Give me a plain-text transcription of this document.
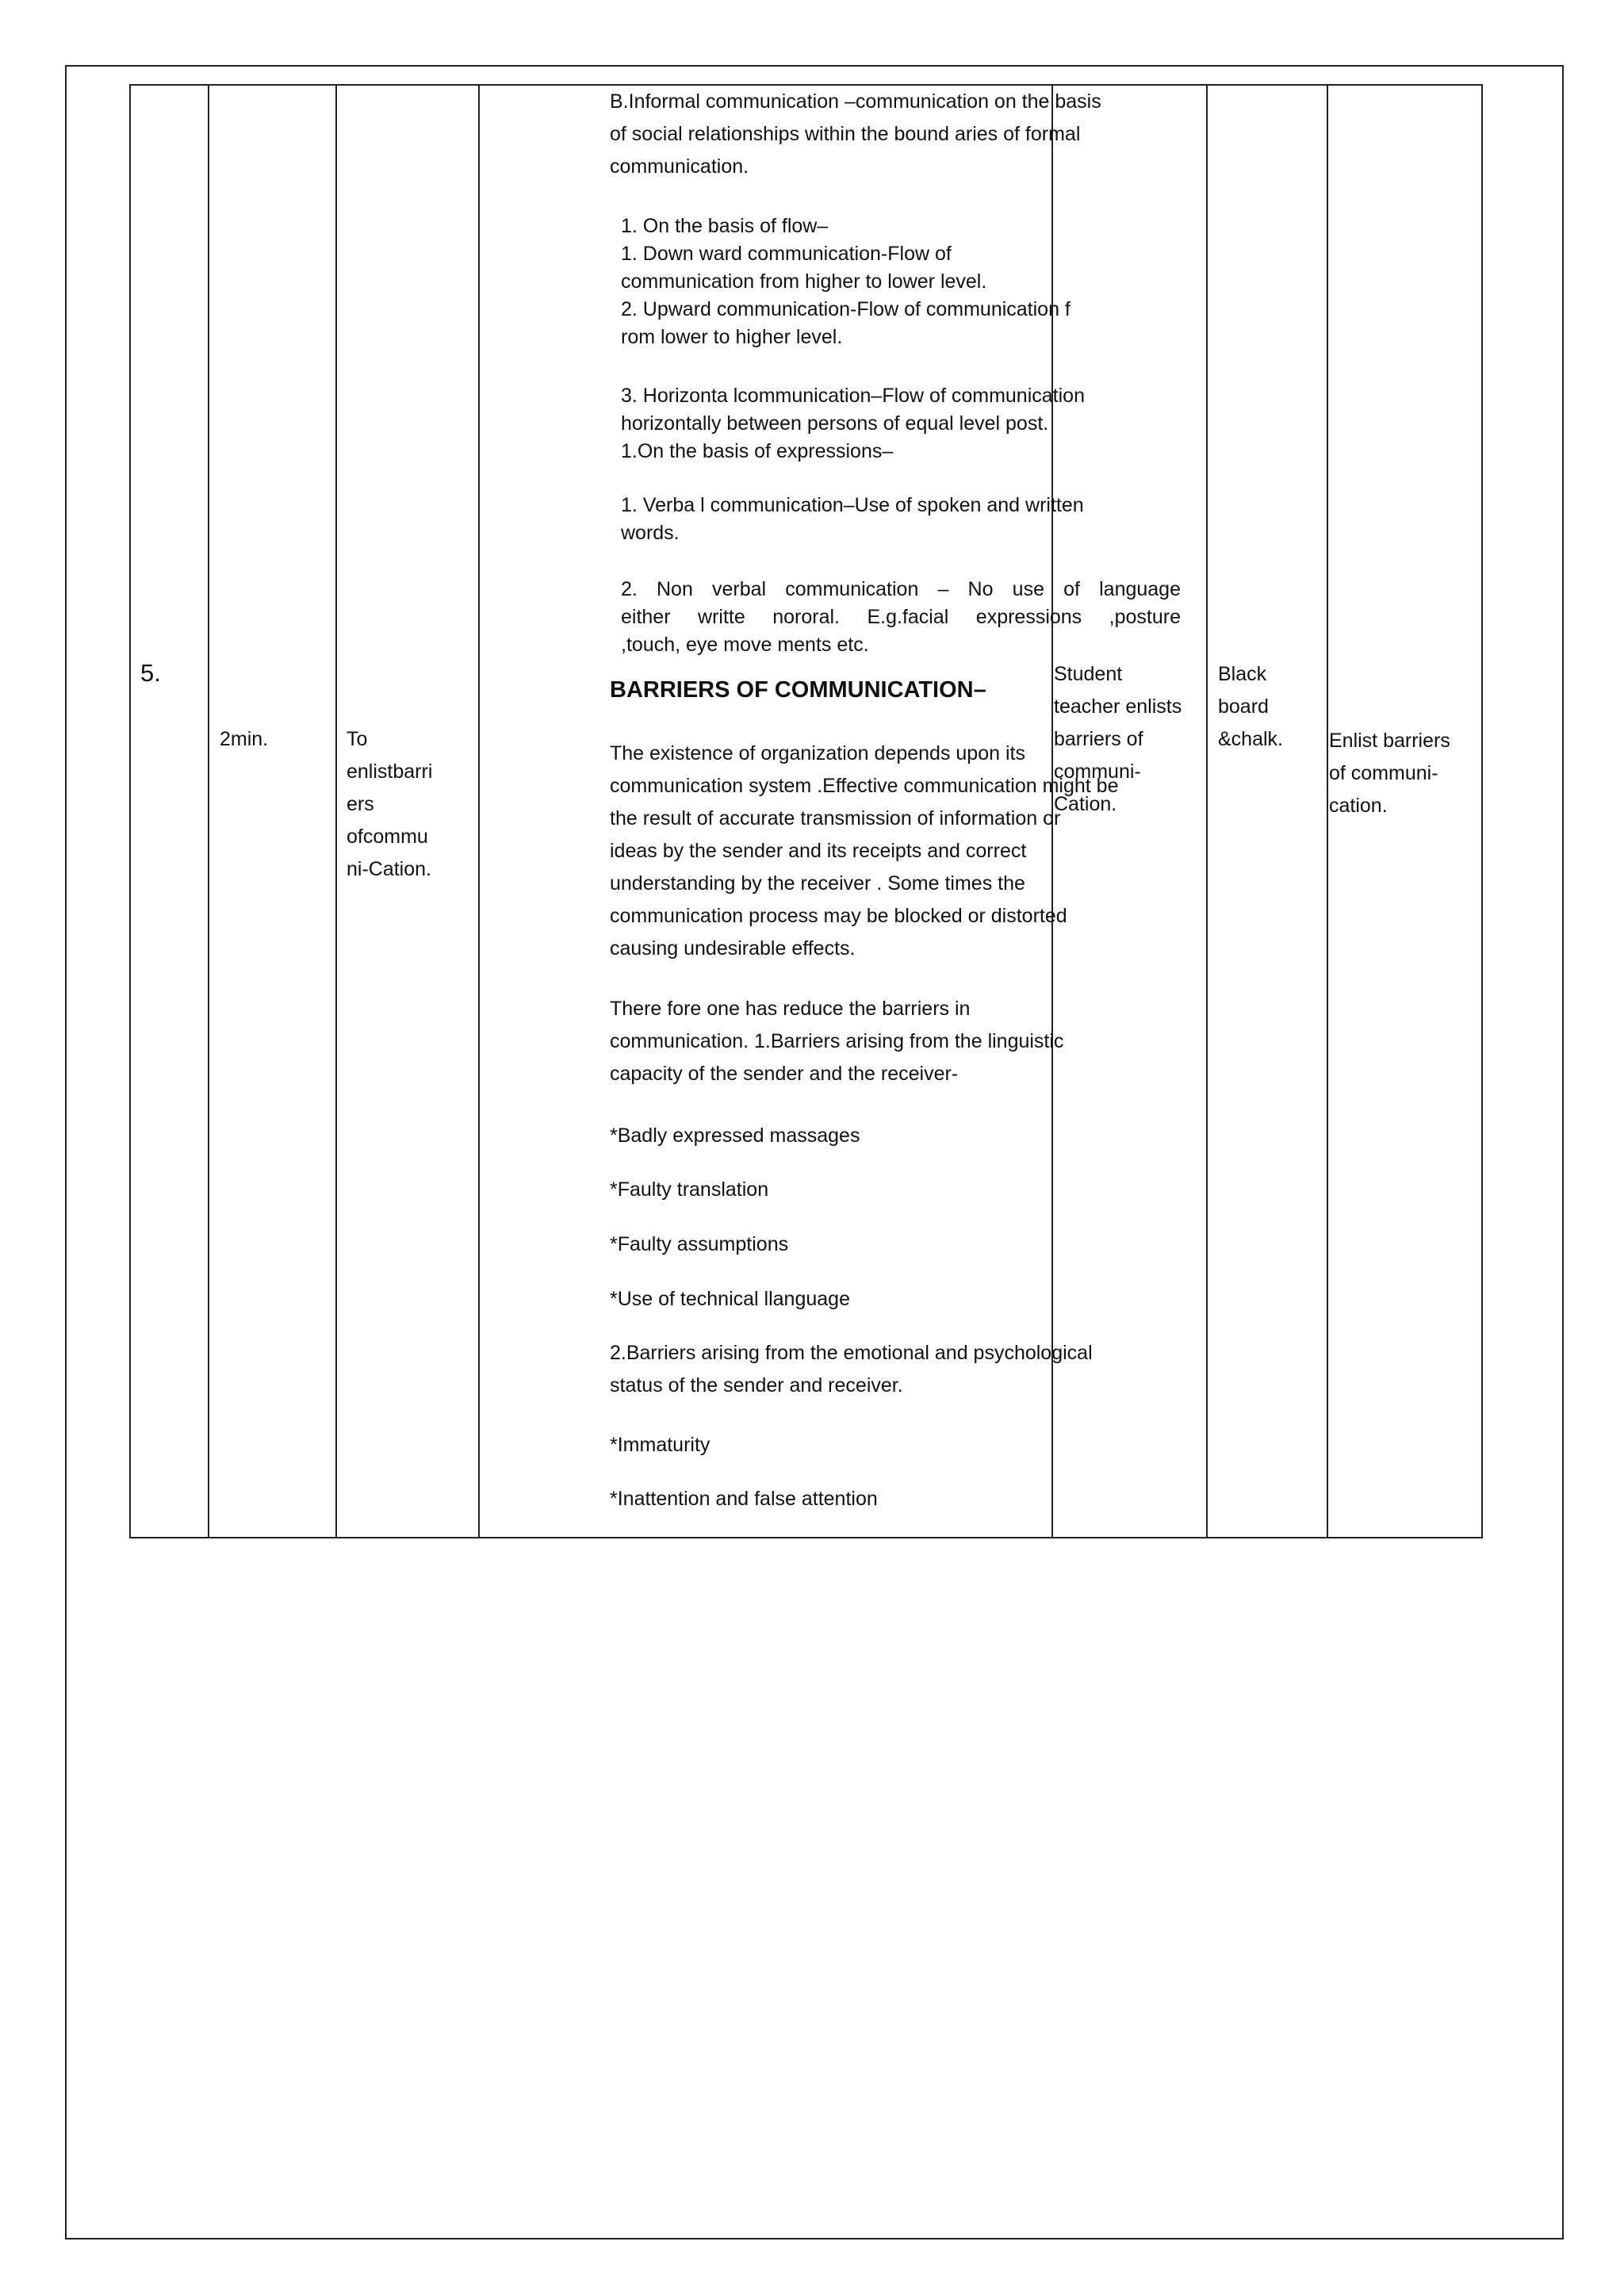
5.
2min.	To
enlistbarri
ers
ofcommu
ni-Cation.

B.Informal communication –communication on the basis
of social relationships within the bound aries of formal
communication.

1. On the basis of flow–
1. Down ward communication-Flow of
communication from higher to lower level.
2. Upward communication-Flow of communication f
rom lower to higher level.

3. Horizonta lcommunication–Flow of communication
horizontally between persons of equal level post.
1.On the basis of expressions–

1. Verba l communication–Use of spoken and written
words.

2. Non verbal communication – No use of language
either writte nororal. E.g.facial expressions ,posture
,touch, eye move ments etc.

BARRIERS OF COMMUNICATION–

The existence of organization depends upon its
communication system .Effective communication might be
the result of accurate transmission of information or
ideas by the sender and its receipts and correct
understanding by the receiver . Some times the
communication process may be blocked or distorted
causing undesirable effects.

There fore one has reduce the barriers in
communication. 1.Barriers arising from the linguistic
capacity of the sender and the receiver-

*Badly expressed massages

*Faulty translation

*Faulty assumptions

*Use of technical llanguage

2.Barriers arising from the emotional and psychological
status of the sender and receiver.

*Immaturity

*Inattention and false attention

Student
teacher enlists
barriers of
communi-
Cation.
Black
board
&chalk.	Enlist barriers
of communi-
cation.
